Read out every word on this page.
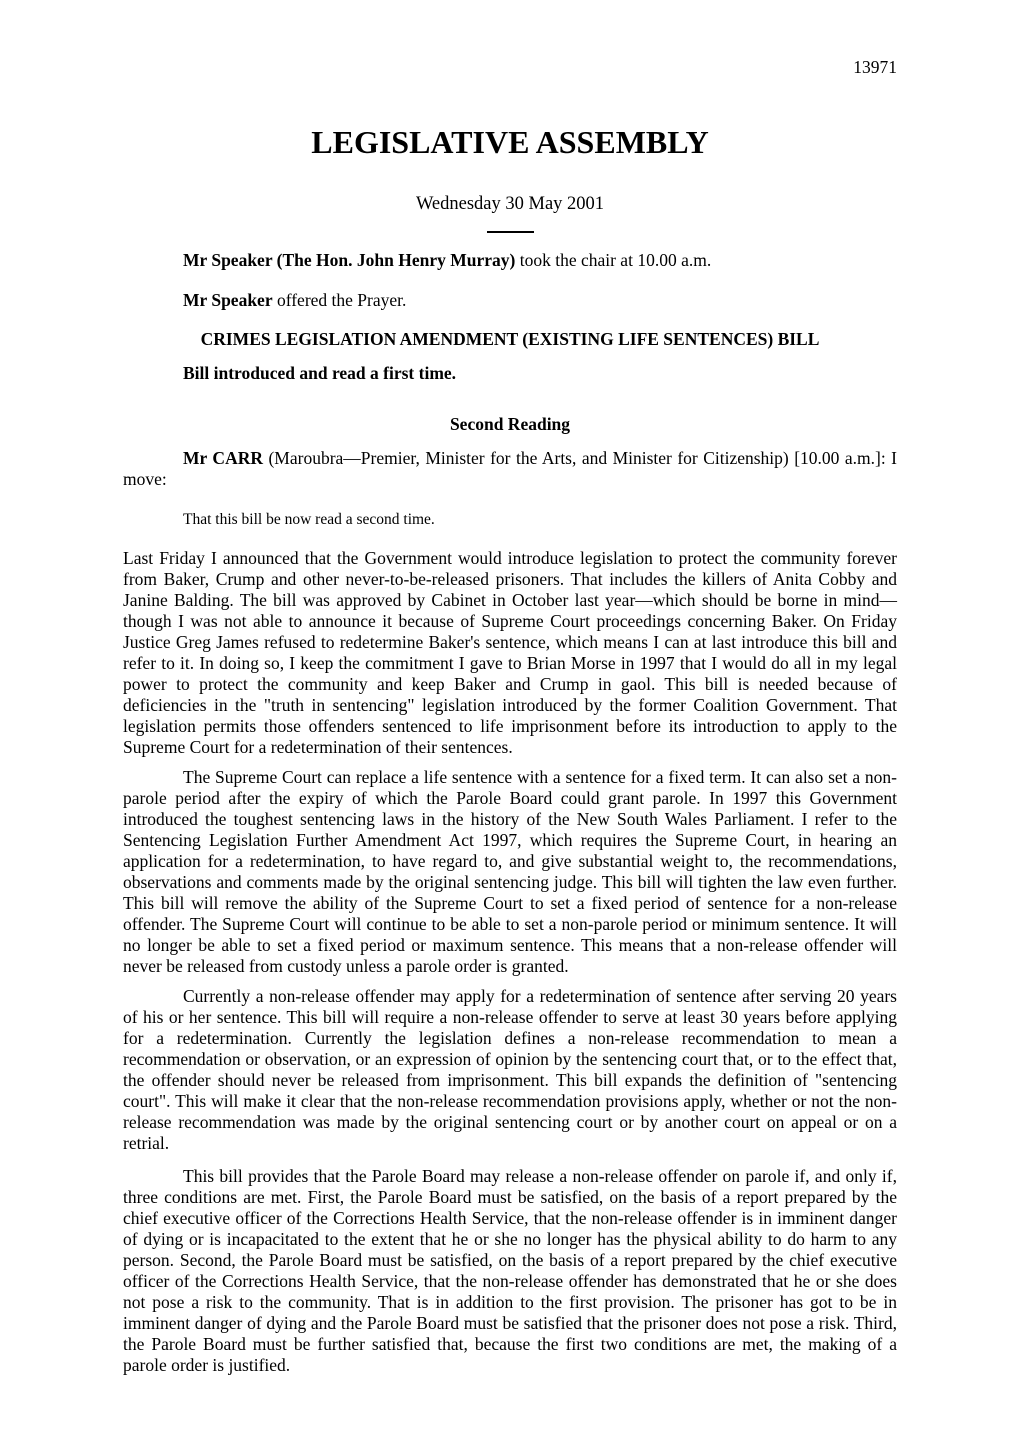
13971
LEGISLATIVE ASSEMBLY
Wednesday 30 May 2001

Mr Speaker (The Hon. John Henry Murray) took the chair at 10.00 a.m.

Mr Speaker offered the Prayer.

CRIMES LEGISLATION AMENDMENT (EXISTING LIFE SENTENCES) BILL

Bill introduced and read a first time.

Second Reading

Mr CARR (Maroubra—Premier, Minister for the Arts, and Minister for Citizenship) [10.00 a.m.]: I move:

That this bill be now read a second time.

Last Friday I announced that the Government would introduce legislation to protect the community forever from Baker, Crump and other never-to-be-released prisoners. That includes the killers of Anita Cobby and Janine Balding. The bill was approved by Cabinet in October last year—which should be borne in mind—though I was not able to announce it because of Supreme Court proceedings concerning Baker. On Friday Justice Greg James refused to redetermine Baker's sentence, which means I can at last introduce this bill and refer to it. In doing so, I keep the commitment I gave to Brian Morse in 1997 that I would do all in my legal power to protect the community and keep Baker and Crump in gaol. This bill is needed because of deficiencies in the "truth in sentencing" legislation introduced by the former Coalition Government. That legislation permits those offenders sentenced to life imprisonment before its introduction to apply to the Supreme Court for a redetermination of their sentences.

The Supreme Court can replace a life sentence with a sentence for a fixed term. It can also set a non-parole period after the expiry of which the Parole Board could grant parole. In 1997 this Government introduced the toughest sentencing laws in the history of the New South Wales Parliament. I refer to the Sentencing Legislation Further Amendment Act 1997, which requires the Supreme Court, in hearing an application for a redetermination, to have regard to, and give substantial weight to, the recommendations, observations and comments made by the original sentencing judge. This bill will tighten the law even further. This bill will remove the ability of the Supreme Court to set a fixed period of sentence for a non-release offender. The Supreme Court will continue to be able to set a non-parole period or minimum sentence. It will no longer be able to set a fixed period or maximum sentence. This means that a non-release offender will never be released from custody unless a parole order is granted.

Currently a non-release offender may apply for a redetermination of sentence after serving 20 years of his or her sentence. This bill will require a non-release offender to serve at least 30 years before applying for a redetermination. Currently the legislation defines a non-release recommendation to mean a recommendation or observation, or an expression of opinion by the sentencing court that, or to the effect that, the offender should never be released from imprisonment. This bill expands the definition of "sentencing court". This will make it clear that the non-release recommendation provisions apply, whether or not the non-release recommendation was made by the original sentencing court or by another court on appeal or on a retrial.

This bill provides that the Parole Board may release a non-release offender on parole if, and only if, three conditions are met. First, the Parole Board must be satisfied, on the basis of a report prepared by the chief executive officer of the Corrections Health Service, that the non-release offender is in imminent danger of dying or is incapacitated to the extent that he or she no longer has the physical ability to do harm to any person. Second, the Parole Board must be satisfied, on the basis of a report prepared by the chief executive officer of the Corrections Health Service, that the non-release offender has demonstrated that he or she does not pose a risk to the community. That is in addition to the first provision. The prisoner has got to be in imminent danger of dying and the Parole Board must be satisfied that the prisoner does not pose a risk. Third, the Parole Board must be further satisfied that, because the first two conditions are met, the making of a parole order is justified.
